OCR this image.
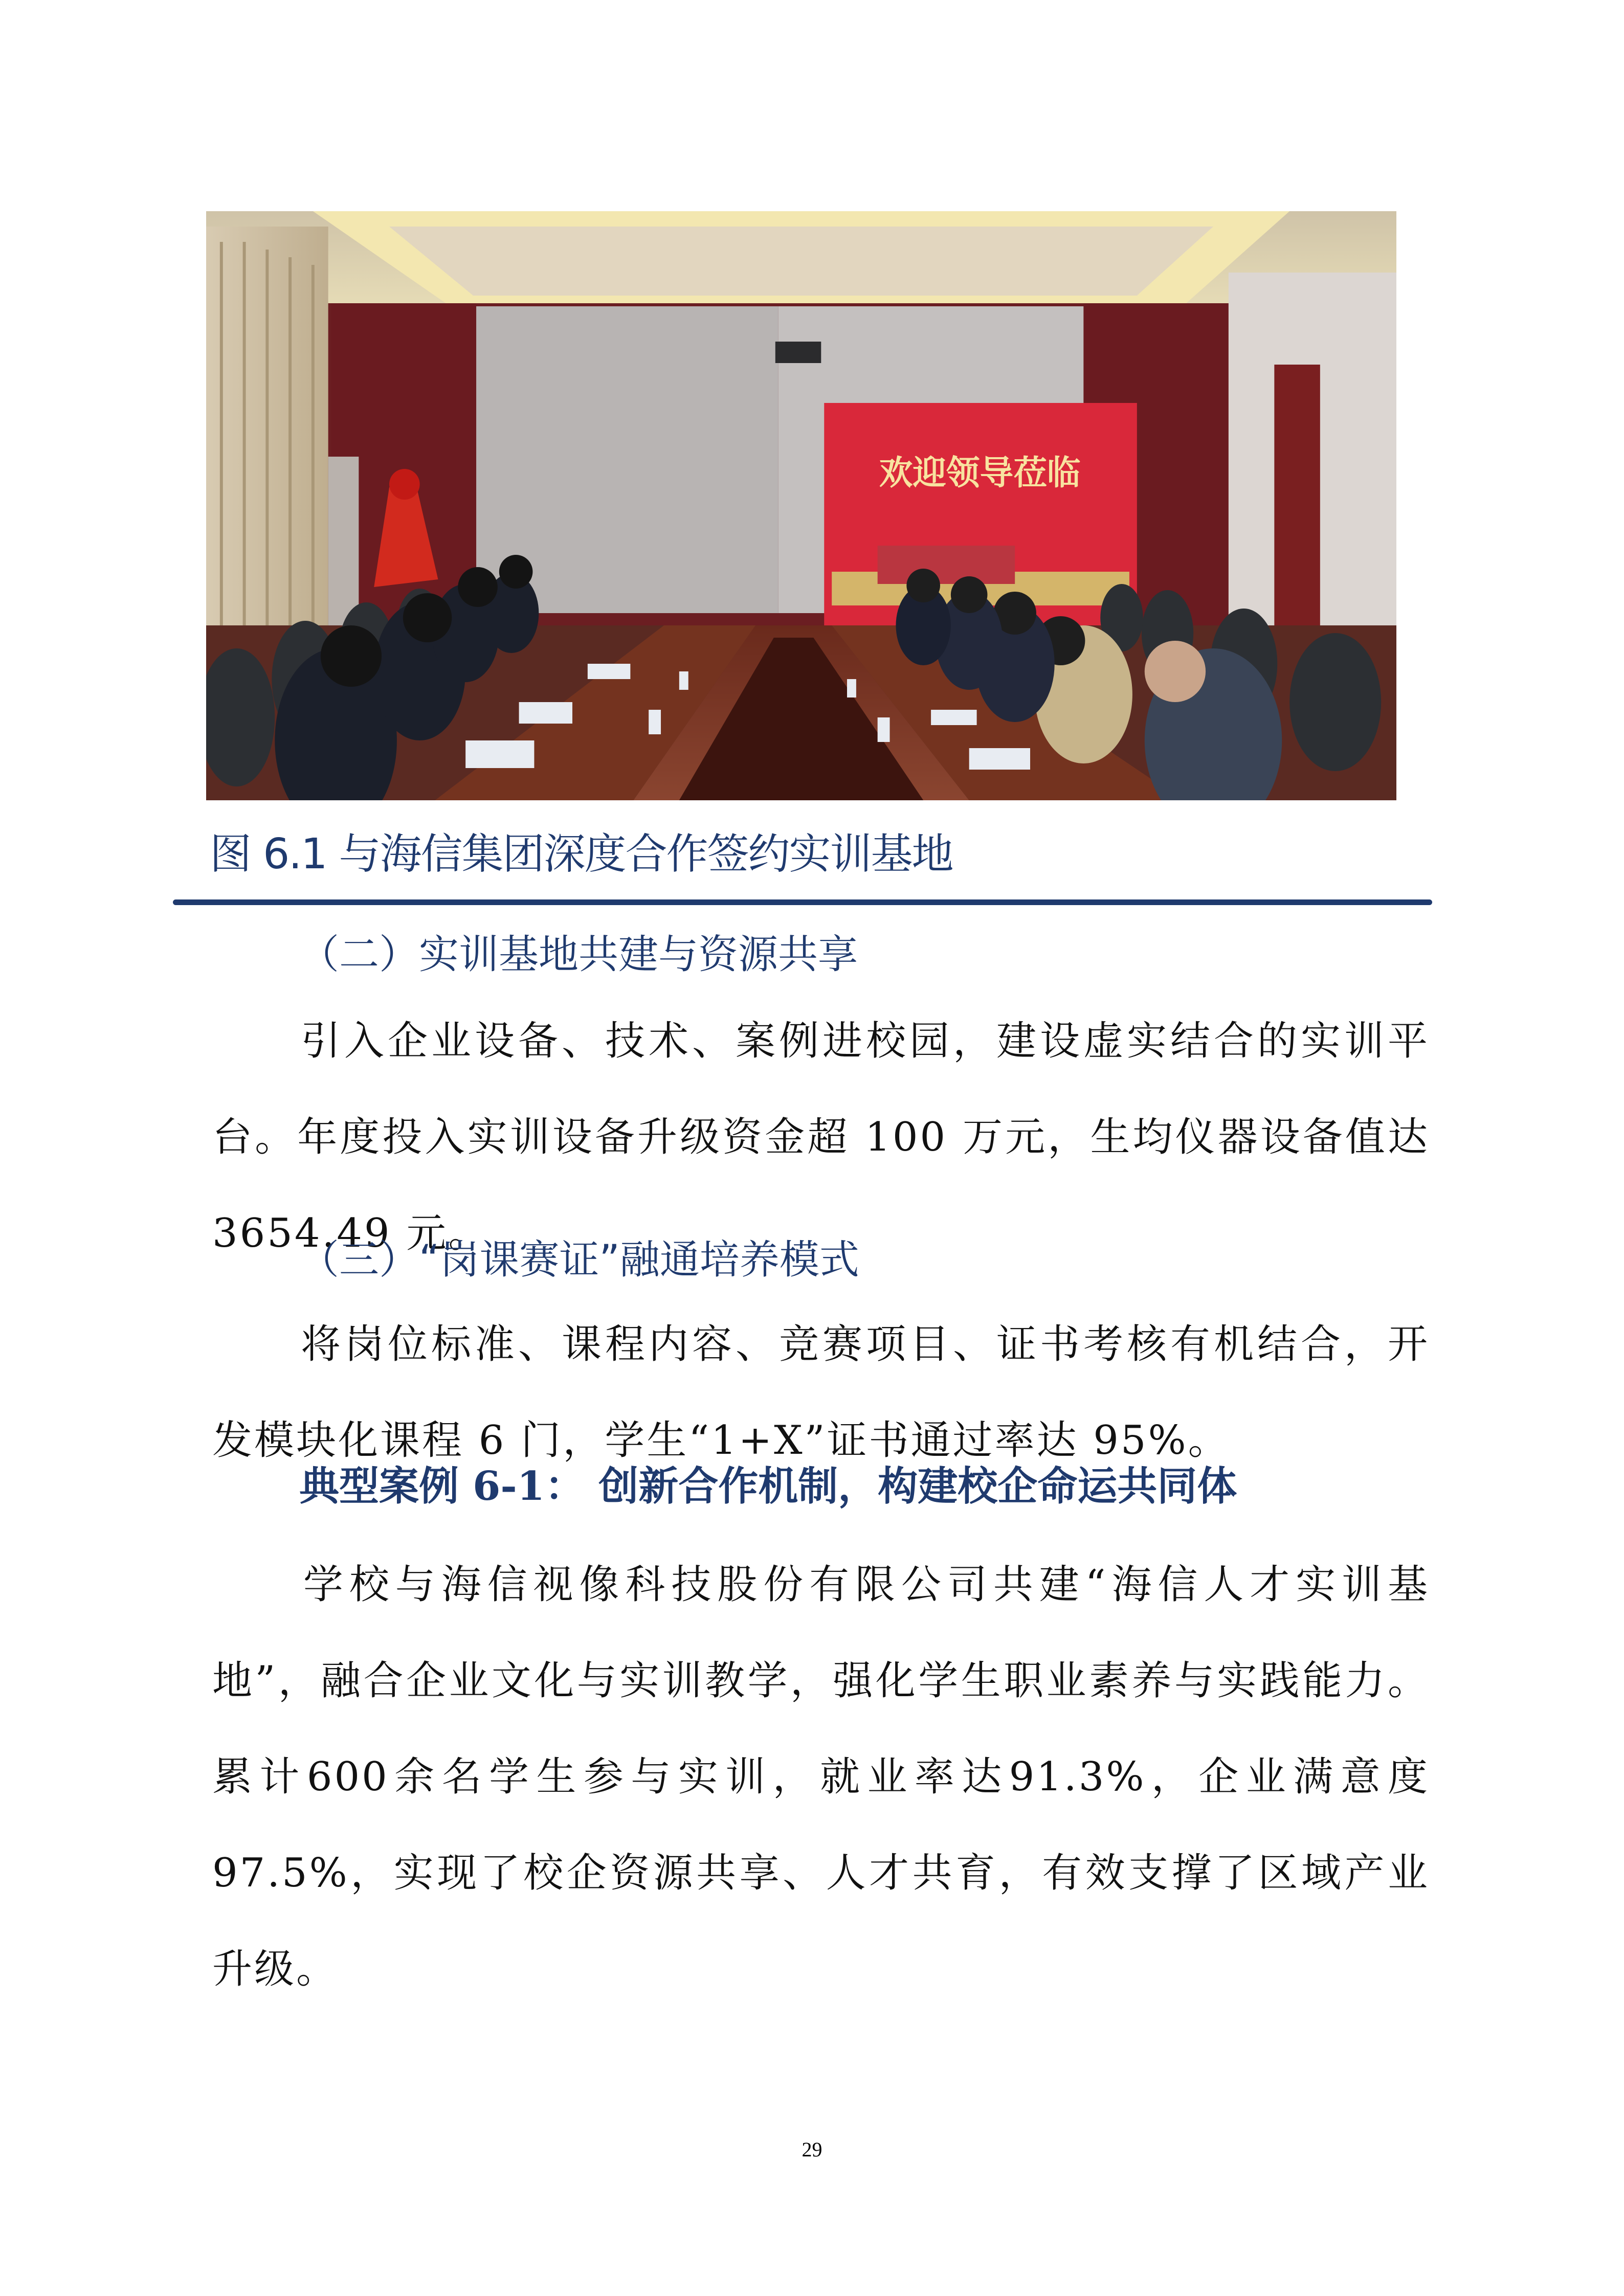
欢迎领导莅临
图 6.1 与海信集团深度合作签约实训基地
（二）实训基地共建与资源共享
引入企业设备、技术、案例进校园，建设虚实结合的实训平台。年度投入实训设备升级资金超 100 万元，生均仪器设备值达 3654.49 元。
（三）“岗课赛证”融通培养模式
将岗位标准、课程内容、竞赛项目、证书考核有机结合，开发模块化课程 6 门，学生“1+X”证书通过率达 95%。
典型案例 6-1： 创新合作机制，构建校企命运共同体
学校与海信视像科技股份有限公司共建“海信人才实训基地”，融合企业文化与实训教学，强化学生职业素养与实践能力。累计600余名学生参与实训，就业率达91.3%，企业满意度97.5%，实现了校企资源共享、人才共育，有效支撑了区域产业升级。
29
